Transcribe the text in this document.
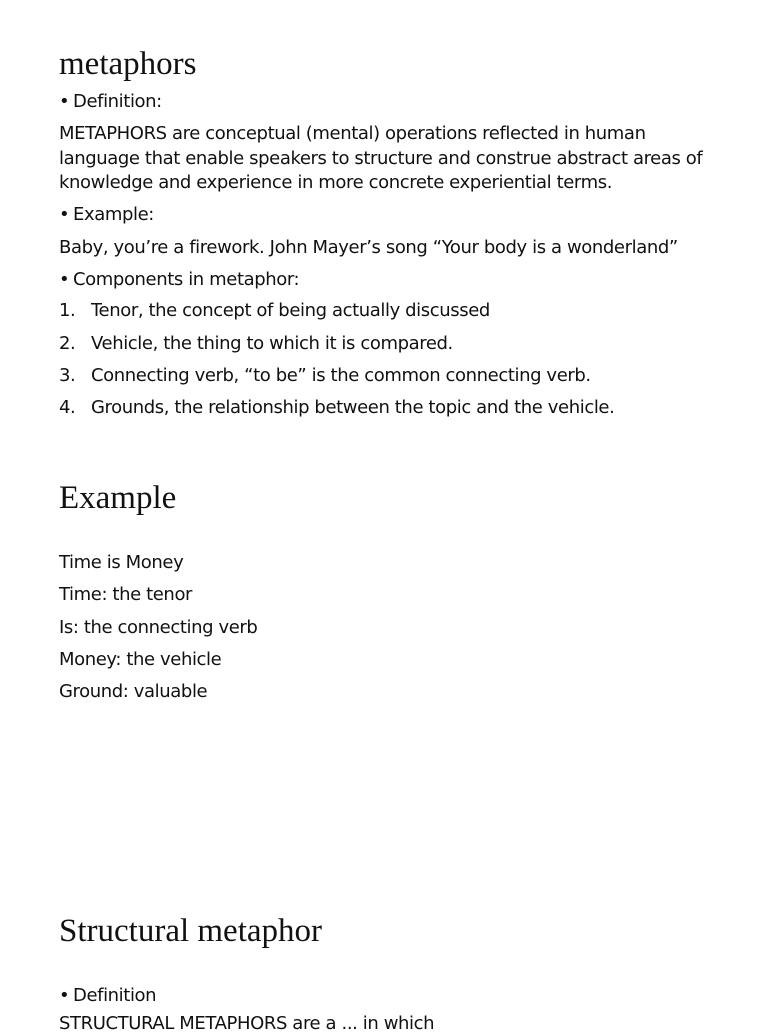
metaphors

• Definition:

METAPHORS are conceptual (mental) operations reflected in human language that enable speakers to structure and construe abstract areas of knowledge and experience in more concrete experiential terms.

• Example:

Baby, you’re a firework. John Mayer’s song “Your body is a wonderland”

• Components in metaphor:

1. Tenor, the concept of being actually discussed

2. Vehicle, the thing to which it is compared.

3. Connecting verb, “to be” is the common connecting verb.

4. Grounds, the relationship between the topic and the vehicle.

Example

Time is Money

Time: the tenor

Is: the connecting verb

Money: the vehicle

Ground: valuable

Structural metaphor

• Definition

STRUCTURAL METAPHORS are a ... in which
